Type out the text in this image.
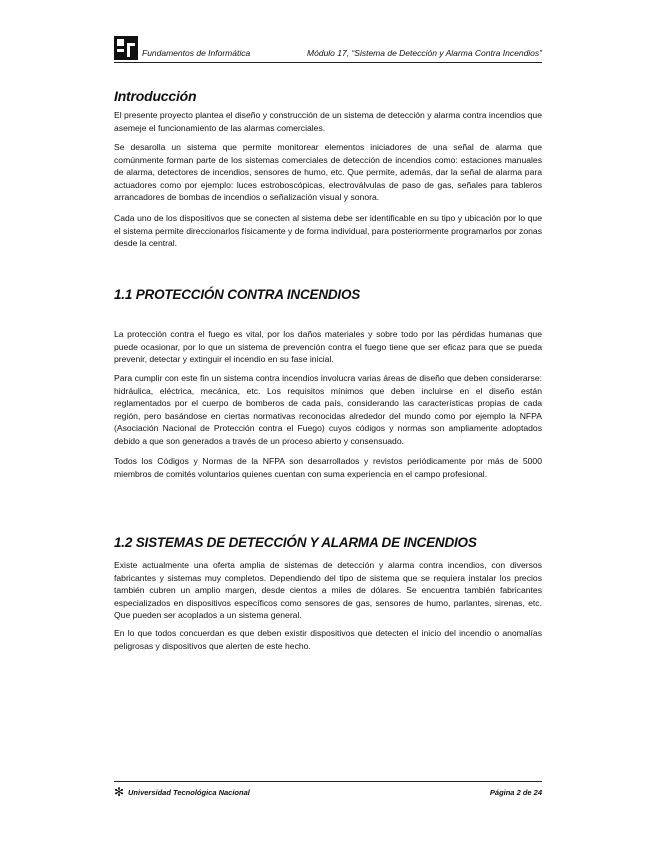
Fundamentos de Informática	Módulo 17, “Sistema de Detección y Alarma Contra Incendios”
Introducción

El presente proyecto plantea el diseño y construcción de un sistema de detección y alarma contra incendios que asemeje el funcionamiento de las alarmas comerciales.

Se desarolla un sistema que permite monitorear elementos iniciadores de una señal de alarma que comúnmente forman parte de los sistemas comerciales de detección de incendios como: estaciones manuales de alarma, detectores de incendios, sensores de humo, etc. Que permite, además, dar la señal de alarma para actuadores como por ejemplo: luces estroboscópicas, electroválvulas de paso de gas, señales para tableros arrancadores de bombas de incendios o señalización visual y sonora.

Cada uno de los dispositivos que se conecten al sistema debe ser identificable en su tipo y ubicación por lo que el sistema permite direccionarlos físicamente y de forma individual, para posteriormente programarlos por zonas desde la central.

1.1 PROTECCIÓN CONTRA INCENDIOS

La protección contra el fuego es vital, por los daños materiales y sobre todo por las pérdidas humanas que puede ocasionar, por lo que un sistema de prevención contra el fuego tiene que ser eficaz para que se pueda prevenir, detectar y extinguir el incendio en su fase inicial.

Para cumplir con este fin un sistema contra incendios involucra varias áreas de diseño que deben considerarse: hidráulica, eléctrica, mecánica, etc. Los requisitos mínimos que deben incluirse en el diseño están reglamentados por el cuerpo de bomberos de cada país, considerando las características propias de cada región, pero basándose en ciertas normativas reconocidas alrededor del mundo como por ejemplo la NFPA (Asociación Nacional de Protección contra el Fuego) cuyos códigos y normas son ampliamente adoptados debido a que son generados a través de un proceso abierto y consensuado.

Todos los Códigos y Normas de la NFPA son desarrollados y revistos periódicamente por más de 5000 miembros de comités voluntarios quienes cuentan con suma experiencia en el campo profesional.

1.2 SISTEMAS DE DETECCIÓN Y ALARMA DE INCENDIOS

Existe actualmente una oferta amplia de sistemas de detección y alarma contra incendios, con diversos fabricantes y sistemas muy completos. Dependiendo del tipo de sistema que se requiera instalar los precios también cubren un amplio margen, desde cientos a miles de dólares. Se encuentra también fabricantes especializados en dispositivos específicos como sensores de gas, sensores de humo, parlantes, sirenas, etc. Que pueden ser acoplados a un sistema general.

En lo que todos concuerdan es que deben existir dispositivos que detecten el inicio del incendio o anomalías peligrosas y dispositivos que alerten de este hecho.

✻ Universidad Tecnológica Nacional	Página 2 de 24
